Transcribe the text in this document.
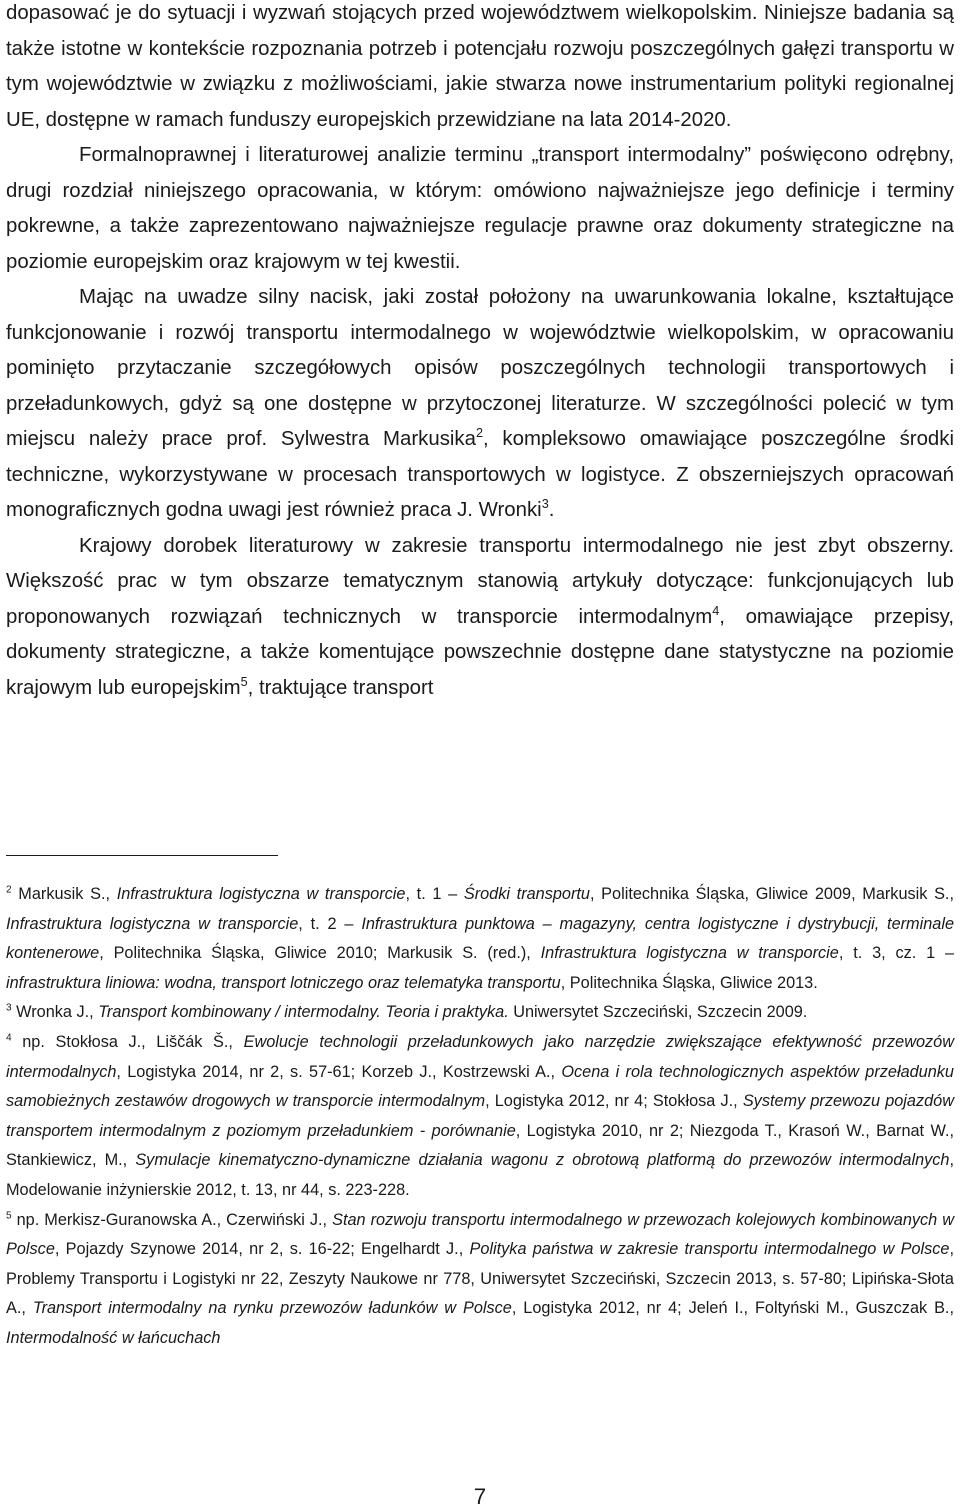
dopasować je do sytuacji i wyzwań stojących przed województwem wielkopolskim. Niniejsze badania są także istotne w kontekście rozpoznania potrzeb i potencjału rozwoju poszczególnych gałęzi transportu w tym województwie w związku z możliwościami, jakie stwarza nowe instrumentarium polityki regionalnej UE, dostępne w ramach funduszy europejskich przewidziane na lata 2014-2020.

Formalnoprawnej i literaturowej analizie terminu „transport intermodalny” poświęcono odrębny, drugi rozdział niniejszego opracowania, w którym: omówiono najważniejsze jego definicje i terminy pokrewne, a także zaprezentowano najważniejsze regulacje prawne oraz dokumenty strategiczne na poziomie europejskim oraz krajowym w tej kwestii.

Mając na uwadze silny nacisk, jaki został położony na uwarunkowania lokalne, kształtujące funkcjonowanie i rozwój transportu intermodalnego w województwie wielkopolskim, w opracowaniu pominięto przytaczanie szczegółowych opisów poszczególnych technologii transportowych i przeładunkowych, gdyż są one dostępne w przytoczonej literaturze. W szczególności polecić w tym miejscu należy prace prof. Sylwestra Markusika$^2$, kompleksowo omawiające poszczególne środki techniczne, wykorzystywane w procesach transportowych w logistyce. Z obszerniejszych opracowań monograficznych godna uwagi jest również praca J. Wronki$^3$.

Krajowy dorobek literaturowy w zakresie transportu intermodalnego nie jest zbyt obszerny. Większość prac w tym obszarze tematycznym stanowią artykuły dotyczące: funkcjonujących lub proponowanych rozwiązań technicznych w transporcie intermodalnym$^4$, omawiające przepisy, dokumenty strategiczne, a także komentujące powszechnie dostępne dane statystyczne na poziomie krajowym lub europejskim$^5$, traktujące transport

$^2$ Markusik S., Infrastruktura logistyczna w transporcie, t. 1 – Środki transportu, Politechnika Śląska, Gliwice 2009, Markusik S., Infrastruktura logistyczna w transporcie, t. 2 – Infrastruktura punktowa – magazyny, centra logistyczne i dystrybucji, terminale kontenerowe, Politechnika Śląska, Gliwice 2010; Markusik S. (red.), Infrastruktura logistyczna w transporcie, t. 3, cz. 1 – infrastruktura liniowa: wodna, transport lotniczego oraz telematyka transportu, Politechnika Śląska, Gliwice 2013.

$^3$ Wronka J., Transport kombinowany / intermodalny. Teoria i praktyka. Uniwersytet Szczeciński, Szczecin 2009.

$^4$ np. Stokłosa J., Liščák Š., Ewolucje technologii przeładunkowych jako narzędzie zwiększające efektywność przewozów intermodalnych, Logistyka 2014, nr 2, s. 57-61; Korzeb J., Kostrzewski A., Ocena i rola technologicznych aspektów przeładunku samobieżnych zestawów drogowych w transporcie intermodalnym, Logistyka 2012, nr 4; Stokłosa J., Systemy przewozu pojazdów transportem intermodalnym z poziomym przeładunkiem - porównanie, Logistyka 2010, nr 2; Niezgoda T., Krasoń W., Barnat W., Stankiewicz, M., Symulacje kinematyczno-dynamiczne działania wagonu z obrotową platformą do przewozów intermodalnych, Modelowanie inżynierskie 2012, t. 13, nr 44, s. 223-228.

$^5$ np. Merkisz-Guranowska A., Czerwiński J., Stan rozwoju transportu intermodalnego w przewozach kolejowych kombinowanych w Polsce, Pojazdy Szynowe 2014, nr 2, s. 16-22; Engelhardt J., Polityka państwa w zakresie transportu intermodalnego w Polsce, Problemy Transportu i Logistyki nr 22, Zeszyty Naukowe nr 778, Uniwersytet Szczeciński, Szczecin 2013, s. 57-80; Lipińska-Słota A., Transport intermodalny na rynku przewozów ładunków w Polsce, Logistyka 2012, nr 4; Jeleń I., Foltyński M., Guszczak B., Intermodalność w łańcuchach

7
